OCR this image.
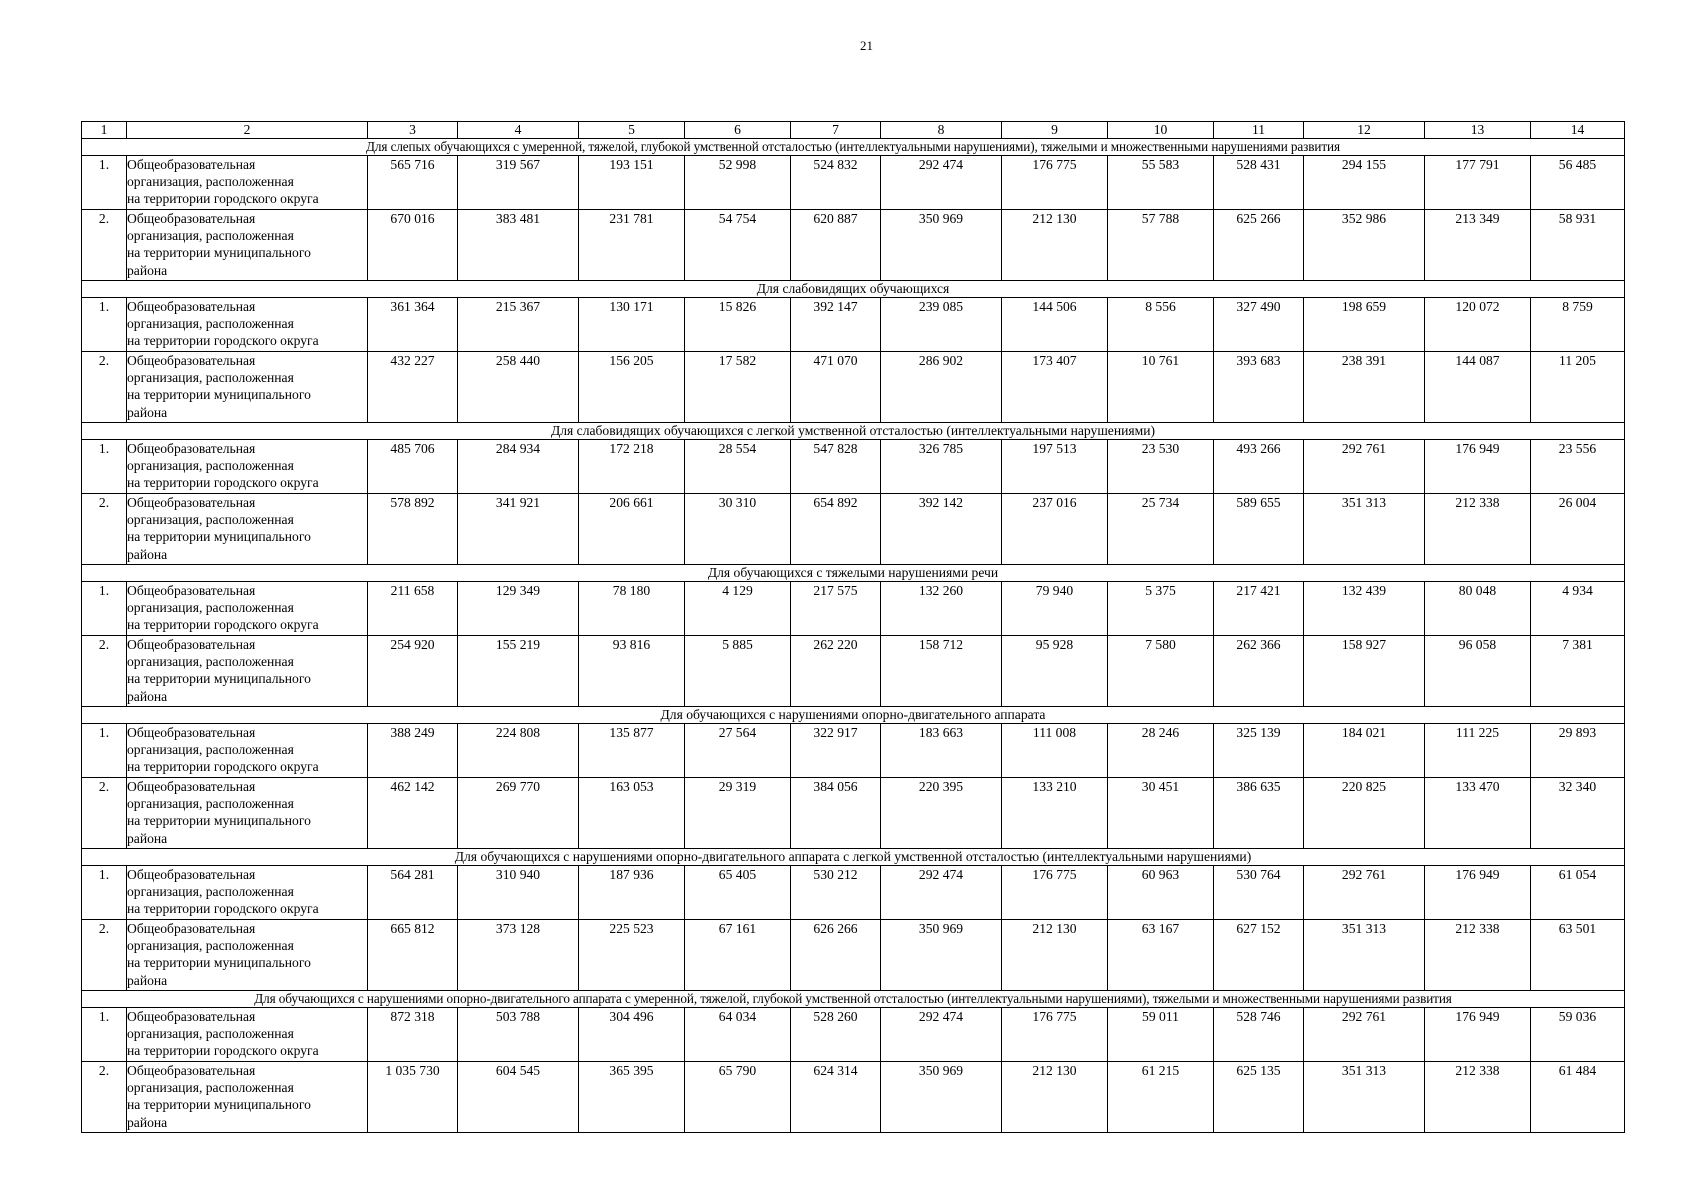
21
1	2	3	4	5	6	7	8	9	10	11	12	13	14
Для слепых обучающихся с умеренной, тяжелой, глубокой умственной отсталостью (интеллектуальными нарушениями), тяжелыми и множественными нарушениями развития													
1.	Общеобразовательная
организация, расположенная
на территории городского округа	565 716	319 567	193 151	52 998	524 832	292 474	176 775	55 583	528 431	294 155	177 791	56 485
2.	Общеобразовательная
организация, расположенная
на территории муниципального
района	670 016	383 481	231 781	54 754	620 887	350 969	212 130	57 788	625 266	352 986	213 349	58 931
Для слабовидящих обучающихся													
1.	Общеобразовательная
организация, расположенная
на территории городского округа	361 364	215 367	130 171	15 826	392 147	239 085	144 506	8 556	327 490	198 659	120 072	8 759
2.	Общеобразовательная
организация, расположенная
на территории муниципального
района	432 227	258 440	156 205	17 582	471 070	286 902	173 407	10 761	393 683	238 391	144 087	11 205
Для слабовидящих обучающихся с легкой умственной отсталостью (интеллектуальными нарушениями)													
1.	Общеобразовательная
организация, расположенная
на территории городского округа	485 706	284 934	172 218	28 554	547 828	326 785	197 513	23 530	493 266	292 761	176 949	23 556
2.	Общеобразовательная
организация, расположенная
на территории муниципального
района	578 892	341 921	206 661	30 310	654 892	392 142	237 016	25 734	589 655	351 313	212 338	26 004
Для обучающихся с тяжелыми нарушениями речи													
1.	Общеобразовательная
организация, расположенная
на территории городского округа	211 658	129 349	78 180	4 129	217 575	132 260	79 940	5 375	217 421	132 439	80 048	4 934
2.	Общеобразовательная
организация, расположенная
на территории муниципального
района	254 920	155 219	93 816	5 885	262 220	158 712	95 928	7 580	262 366	158 927	96 058	7 381
Для обучающихся с нарушениями опорно-двигательного аппарата													
1.	Общеобразовательная
организация, расположенная
на территории городского округа	388 249	224 808	135 877	27 564	322 917	183 663	111 008	28 246	325 139	184 021	111 225	29 893
2.	Общеобразовательная
организация, расположенная
на территории муниципального
района	462 142	269 770	163 053	29 319	384 056	220 395	133 210	30 451	386 635	220 825	133 470	32 340
Для обучающихся с нарушениями опорно-двигательного аппарата с легкой умственной отсталостью (интеллектуальными нарушениями)													
1.	Общеобразовательная
организация, расположенная
на территории городского округа	564 281	310 940	187 936	65 405	530 212	292 474	176 775	60 963	530 764	292 761	176 949	61 054
2.	Общеобразовательная
организация, расположенная
на территории муниципального
района	665 812	373 128	225 523	67 161	626 266	350 969	212 130	63 167	627 152	351 313	212 338	63 501
Для обучающихся с нарушениями опорно-двигательного аппарата с умеренной, тяжелой, глубокой умственной отсталостью (интеллектуальными нарушениями), тяжелыми и множественными нарушениями развития													
1.	Общеобразовательная
организация, расположенная
на территории городского округа	872 318	503 788	304 496	64 034	528 260	292 474	176 775	59 011	528 746	292 761	176 949	59 036
2.	Общеобразовательная
организация, расположенная
на территории муниципального
района	1 035 730	604 545	365 395	65 790	624 314	350 969	212 130	61 215	625 135	351 313	212 338	61 484
